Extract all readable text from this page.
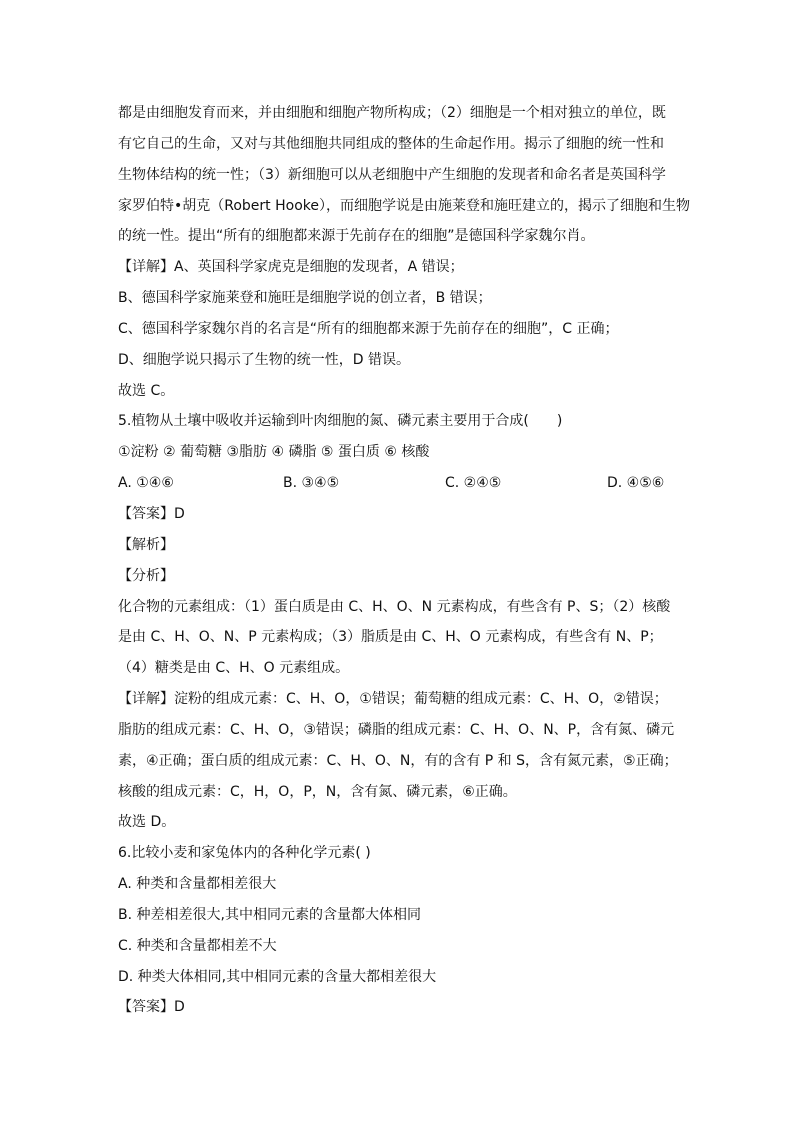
都是由细胞发育而来，并由细胞和细胞产物所构成；（2）细胞是一个相对独立的单位，既
有它自己的生命，又对与其他细胞共同组成的整体的生命起作用。揭示了细胞的统一性和
生物体结构的统一性；（3）新细胞可以从老细胞中产生细胞的发现者和命名者是英国科学
家罗伯特•胡克（Robert Hooke），而细胞学说是由施莱登和施旺建立的，揭示了细胞和生物
的统一性。提出“所有的细胞都来源于先前存在的细胞”是德国科学家魏尔肖。
【详解】A、英国科学家虎克是细胞的发现者，A 错误；
B、德国科学家施莱登和施旺是细胞学说的创立者，B 错误；
C、德国科学家魏尔肖的名言是“所有的细胞都来源于先前存在的细胞”，C 正确；
D、细胞学说只揭示了生物的统一性，D 错误。
故选 C。
5.植物从土壤中吸收并运输到叶肉细胞的氮、磷元素主要用于合成(　　)
①淀粉 ② 葡萄糖 ③脂肪 ④ 磷脂 ⑤ 蛋白质 ⑥ 核酸
A. ①④⑥	B. ③④⑤	C. ②④⑤	D. ④⑤⑥
【答案】D
【解析】
【分析】
化合物的元素组成：（1）蛋白质是由 C、H、O、N 元素构成，有些含有 P、S；（2）核酸
是由 C、H、O、N、P 元素构成；（3）脂质是由 C、H、O 元素构成，有些含有 N、P；
（4）糖类是由 C、H、O 元素组成。
【详解】淀粉的组成元素：C、H、O，①错误；葡萄糖的组成元素：C、H、O，②错误；
脂肪的组成元素：C、H、O，③错误；磷脂的组成元素：C、H、O、N、P，含有氮、磷元
素，④正确；蛋白质的组成元素：C、H、O、N，有的含有 P 和 S，含有氮元素，⑤正确；
核酸的组成元素：C，H，O，P，N，含有氮、磷元素，⑥正确。
故选 D。
6.比较小麦和家兔体内的各种化学元素( )
A. 种类和含量都相差很大
B. 种差相差很大,其中相同元素的含量都大体相同
C. 种类和含量都相差不大
D. 种类大体相同,其中相同元素的含量大都相差很大
【答案】D
